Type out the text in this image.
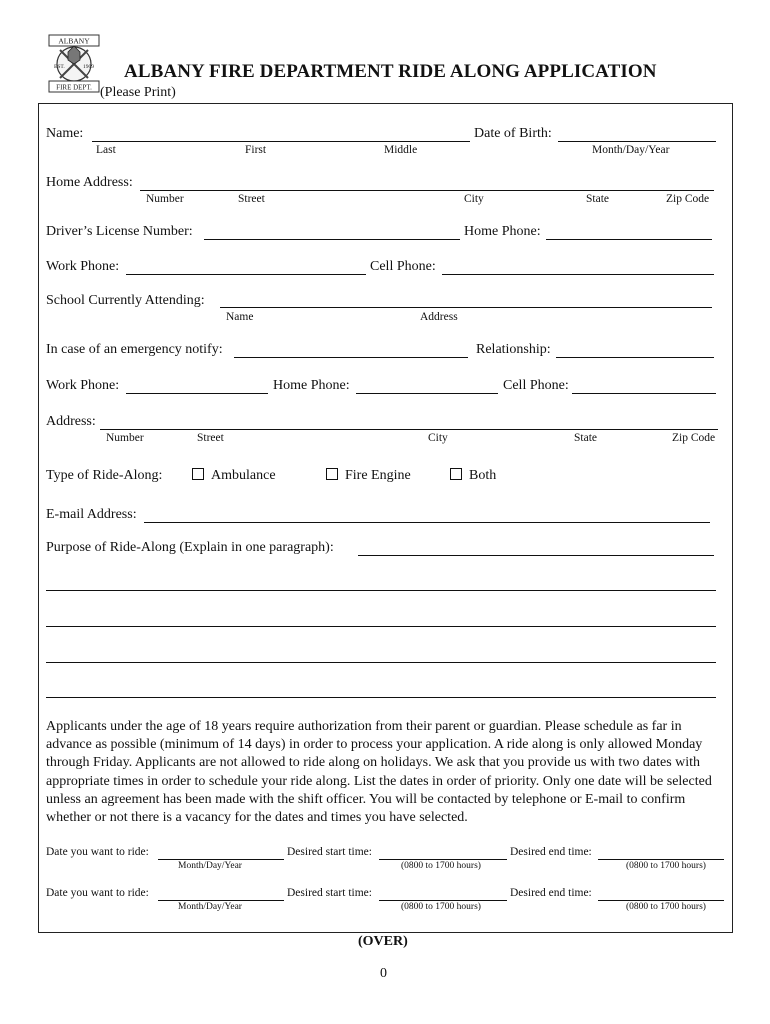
ALBANY
EST.	1909
FIRE DEPT.
ALBANY FIRE DEPARTMENT RIDE ALONG APPLICATION
(Please Print)
Name:	Date of Birth:
Last	First	Middle	Month/Day/Year
Home Address:
Number	Street	City	State	Zip Code
Driver’s License Number:	Home Phone:
Work Phone:	Cell Phone:
School Currently Attending:
Name	Address
In case of an emergency notify:	Relationship:
Work Phone:	Home Phone:	Cell Phone:
Address:
Number	Street	City	State	Zip Code
Type of Ride-Along:	Ambulance	Fire Engine	Both
E-mail Address:
Purpose of Ride-Along (Explain in one paragraph):
Applicants under the age of 18 years require authorization from their parent or guardian. Please schedule as far in advance as possible (minimum of 14 days) in order to process your application. A ride along is only allowed Monday through Friday. Applicants are not allowed to ride along on holidays. We ask that you provide us with two dates with appropriate times in order to schedule your ride along. List the dates in order of priority. Only one date will be selected unless an agreement has been made with the shift officer. You will be contacted by telephone or E-mail to confirm whether or not there is a vacancy for the dates and times you have selected.
Date you want to ride:	Desired start time:	Desired end time:
Month/Day/Year	(0800 to 1700 hours)	(0800 to 1700 hours)
Date you want to ride:	Desired start time:	Desired end time:
Month/Day/Year	(0800 to 1700 hours)	(0800 to 1700 hours)
(OVER)
0
